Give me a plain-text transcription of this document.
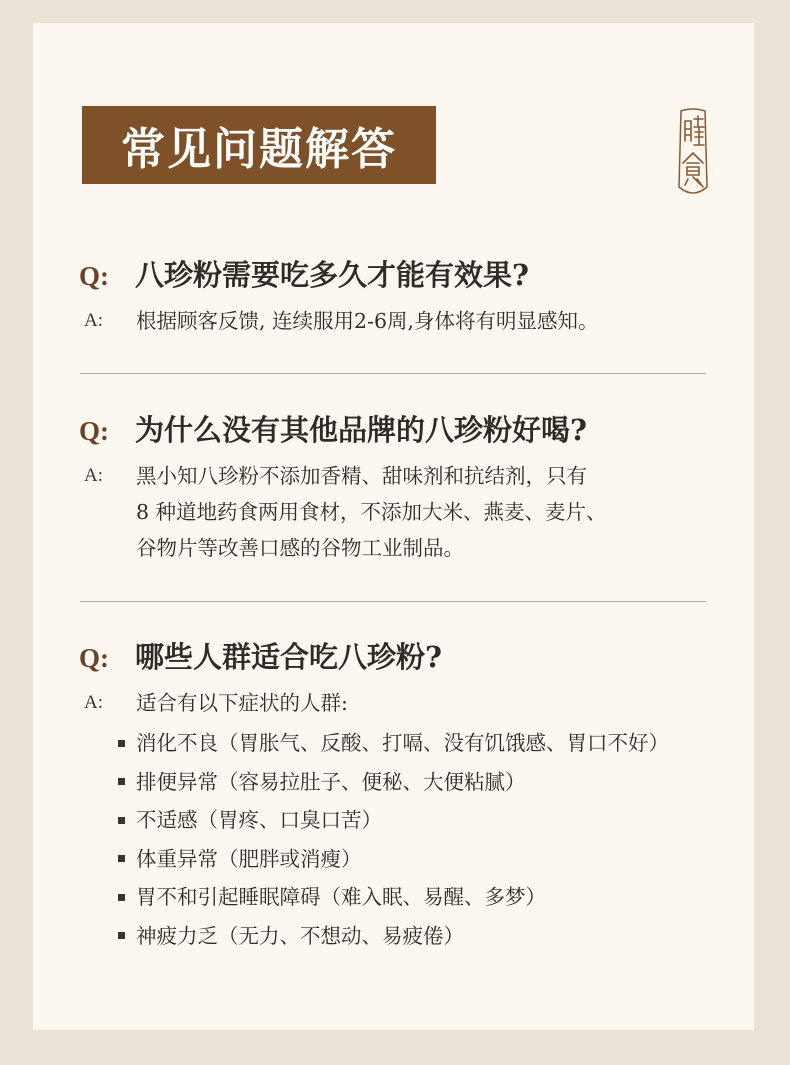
常见问题解答
Q: 八珍粉需要吃多久才能有效果?
A:	根据顾客反馈, 连续服用2-6周,身体将有明显感知。
Q: 为什么没有其他品牌的八珍粉好喝?
A:	黑小知八珍粉不添加香精、甜味剂和抗结剂，只有
8 种道地药食两用食材，不添加大米、燕麦、麦片、
谷物片等改善口感的谷物工业制品。
Q: 哪些人群适合吃八珍粉?
A:	适合有以下症状的人群:
消化不良（胃胀气、反酸、打嗝、没有饥饿感、胃口不好）
排便异常（容易拉肚子、便秘、大便粘腻）
不适感（胃疼、口臭口苦）
体重异常（肥胖或消瘦）
胃不和引起睡眠障碍（难入眠、易醒、多梦）
神疲力乏（无力、不想动、易疲倦）
